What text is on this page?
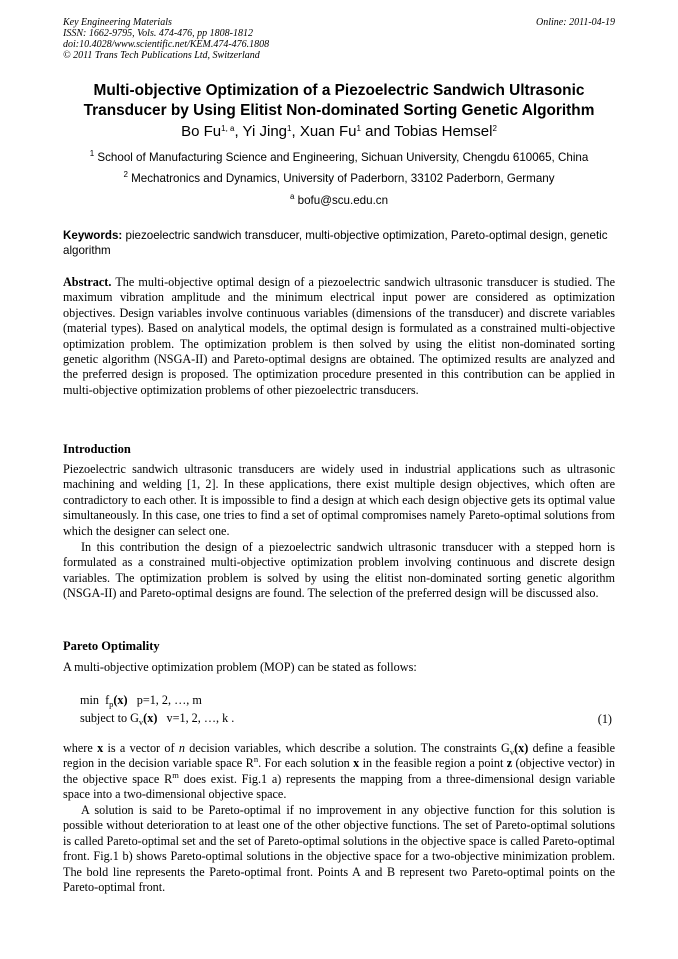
Key Engineering Materials
ISSN: 1662-9795, Vols. 474-476, pp 1808-1812
doi:10.4028/www.scientific.net/KEM.474-476.1808
© 2011 Trans Tech Publications Ltd, Switzerland
Online: 2011-04-19
Multi-objective Optimization of a Piezoelectric Sandwich Ultrasonic
Transducer by Using Elitist Non-dominated Sorting Genetic Algorithm
Bo Fu$^{1, a}$, Yi Jing$^1$, Xuan Fu$^1$ and Tobias Hemsel$^2$
$^1$ School of Manufacturing Science and Engineering, Sichuan University, Chengdu 610065, China
$^2$ Mechatronics and Dynamics, University of Paderborn, 33102 Paderborn, Germany
$^a$ bofu@scu.edu.cn
Keywords: piezoelectric sandwich transducer, multi-objective optimization, Pareto-optimal design, genetic algorithm
Abstract. The multi-objective optimal design of a piezoelectric sandwich ultrasonic transducer is studied. The maximum vibration amplitude and the minimum electrical input power are considered as optimization objectives. Design variables involve continuous variables (dimensions of the transducer) and discrete variables (material types). Based on analytical models, the optimal design is formulated as a constrained multi-objective optimization problem. The optimization problem is then solved by using the elitist non-dominated sorting genetic algorithm (NSGA-II) and Pareto-optimal designs are obtained. The optimized results are analyzed and the preferred design is proposed. The optimization procedure presented in this contribution can be applied in multi-objective optimization problems of other piezoelectric transducers.
Introduction
Piezoelectric sandwich ultrasonic transducers are widely used in industrial applications such as ultrasonic machining and welding [1, 2]. In these applications, there exist multiple design objectives, which often are contradictory to each other. It is impossible to find a design at which each design objective gets its optimal value simultaneously. In this case, one tries to find a set of optimal compromises namely Pareto-optimal solutions from which the designer can select one.
In this contribution the design of a piezoelectric sandwich ultrasonic transducer with a stepped horn is formulated as a constrained multi-objective optimization problem involving continuous and discrete design variables. The optimization problem is solved by using the elitist non-dominated sorting genetic algorithm (NSGA-II) and Pareto-optimal designs are found. The selection of the preferred design will be discussed also.
Pareto Optimality
A multi-objective optimization problem (MOP) can be stated as follows:
$\min f_p(x)$ p=1, 2, …, m
subject to $G_v(x)$ v=1, 2, …, k .	(1)
where x is a vector of n decision variables, which describe a solution. The constraints $G_v(x)$ define a feasible region in the decision variable space $R^n$. For each solution x in the feasible region a point z (objective vector) in the objective space $R^m$ does exist. Fig.1 a) represents the mapping from a three-dimensional design variable space into a two-dimensional objective space.
A solution is said to be Pareto-optimal if no improvement in any objective function for this solution is possible without deterioration to at least one of the other objective functions. The set of Pareto-optimal solutions is called Pareto-optimal set and the set of Pareto-optimal solutions in the objective space is called Pareto-optimal front. Fig.1 b) shows Pareto-optimal solutions in the objective space for a two-objective minimization problem. The bold line represents the Pareto-optimal front. Points A and B represent two Pareto-optimal points on the Pareto-optimal front.
